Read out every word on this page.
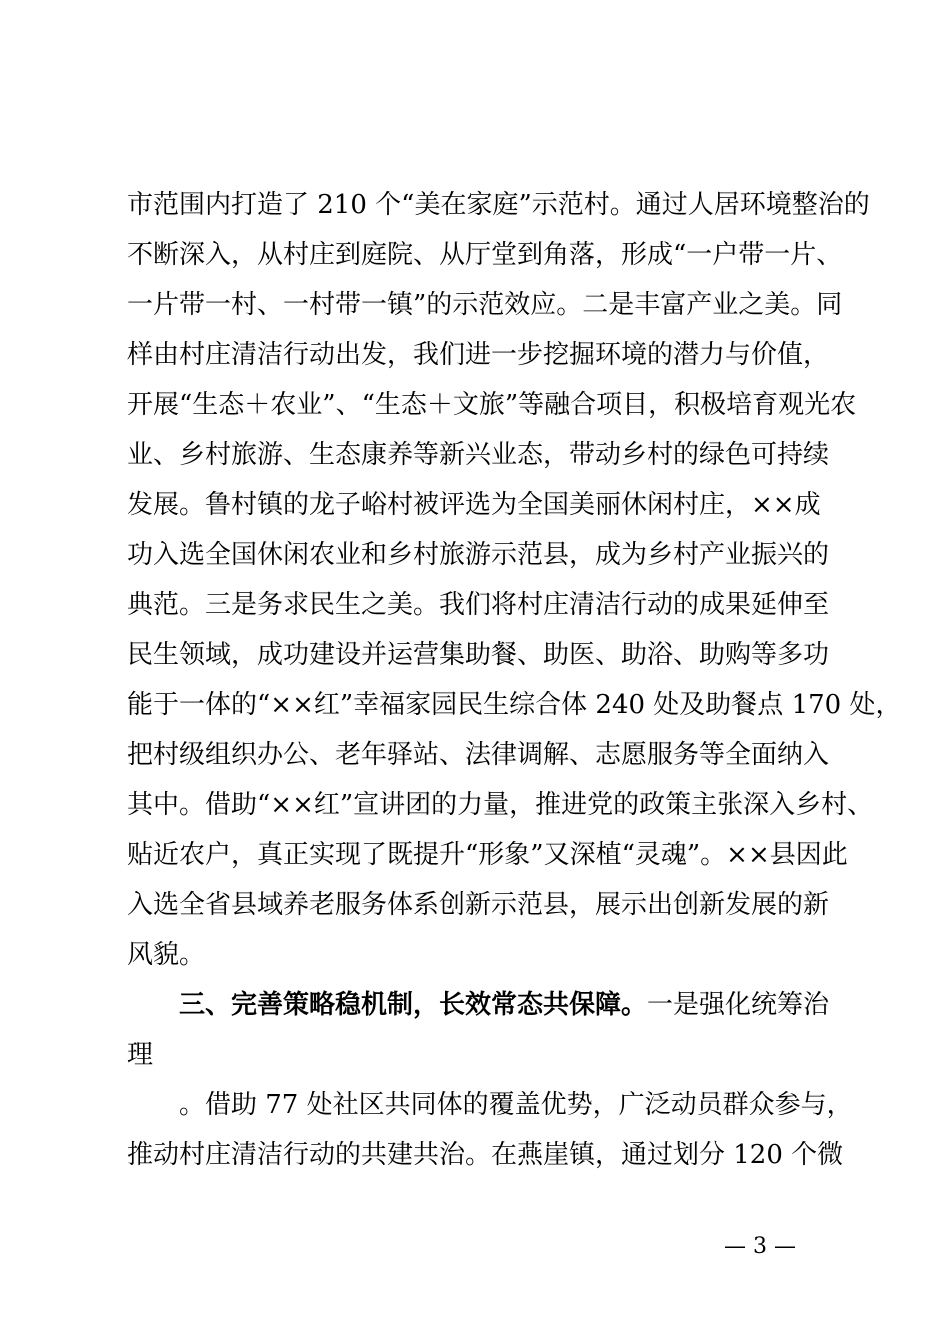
市范围内打造了 210 个“美在家庭”示范村。通过人居环境整治的
不断深入，从村庄到庭院、从厅堂到角落，形成“一户带一片、
一片带一村、一村带一镇”的示范效应。二是丰富产业之美。同
样由村庄清洁行动出发，我们进一步挖掘环境的潜力与价值，
开展“生态＋农业”、“生态＋文旅”等融合项目，积极培育观光农
业、乡村旅游、生态康养等新兴业态，带动乡村的绿色可持续
发展。鲁村镇的龙子峪村被评选为全国美丽休闲村庄，××成
功入选全国休闲农业和乡村旅游示范县，成为乡村产业振兴的
典范。三是务求民生之美。我们将村庄清洁行动的成果延伸至
民生领域，成功建设并运营集助餐、助医、助浴、助购等多功
能于一体的“××红”幸福家园民生综合体 240 处及助餐点 170 处，
把村级组织办公、老年驿站、法律调解、志愿服务等全面纳入
其中。借助“××红”宣讲团的力量，推进党的政策主张深入乡村、
贴近农户，真正实现了既提升“形象”又深植“灵魂”。××县因此
入选全省县域养老服务体系创新示范县，展示出创新发展的新
风貌。
三、完善策略稳机制，长效常态共保障。一是强化统筹治
理
。借助 77 处社区共同体的覆盖优势，广泛动员群众参与，
推动村庄清洁行动的共建共治。在燕崖镇，通过划分 120 个微
— 3 —
